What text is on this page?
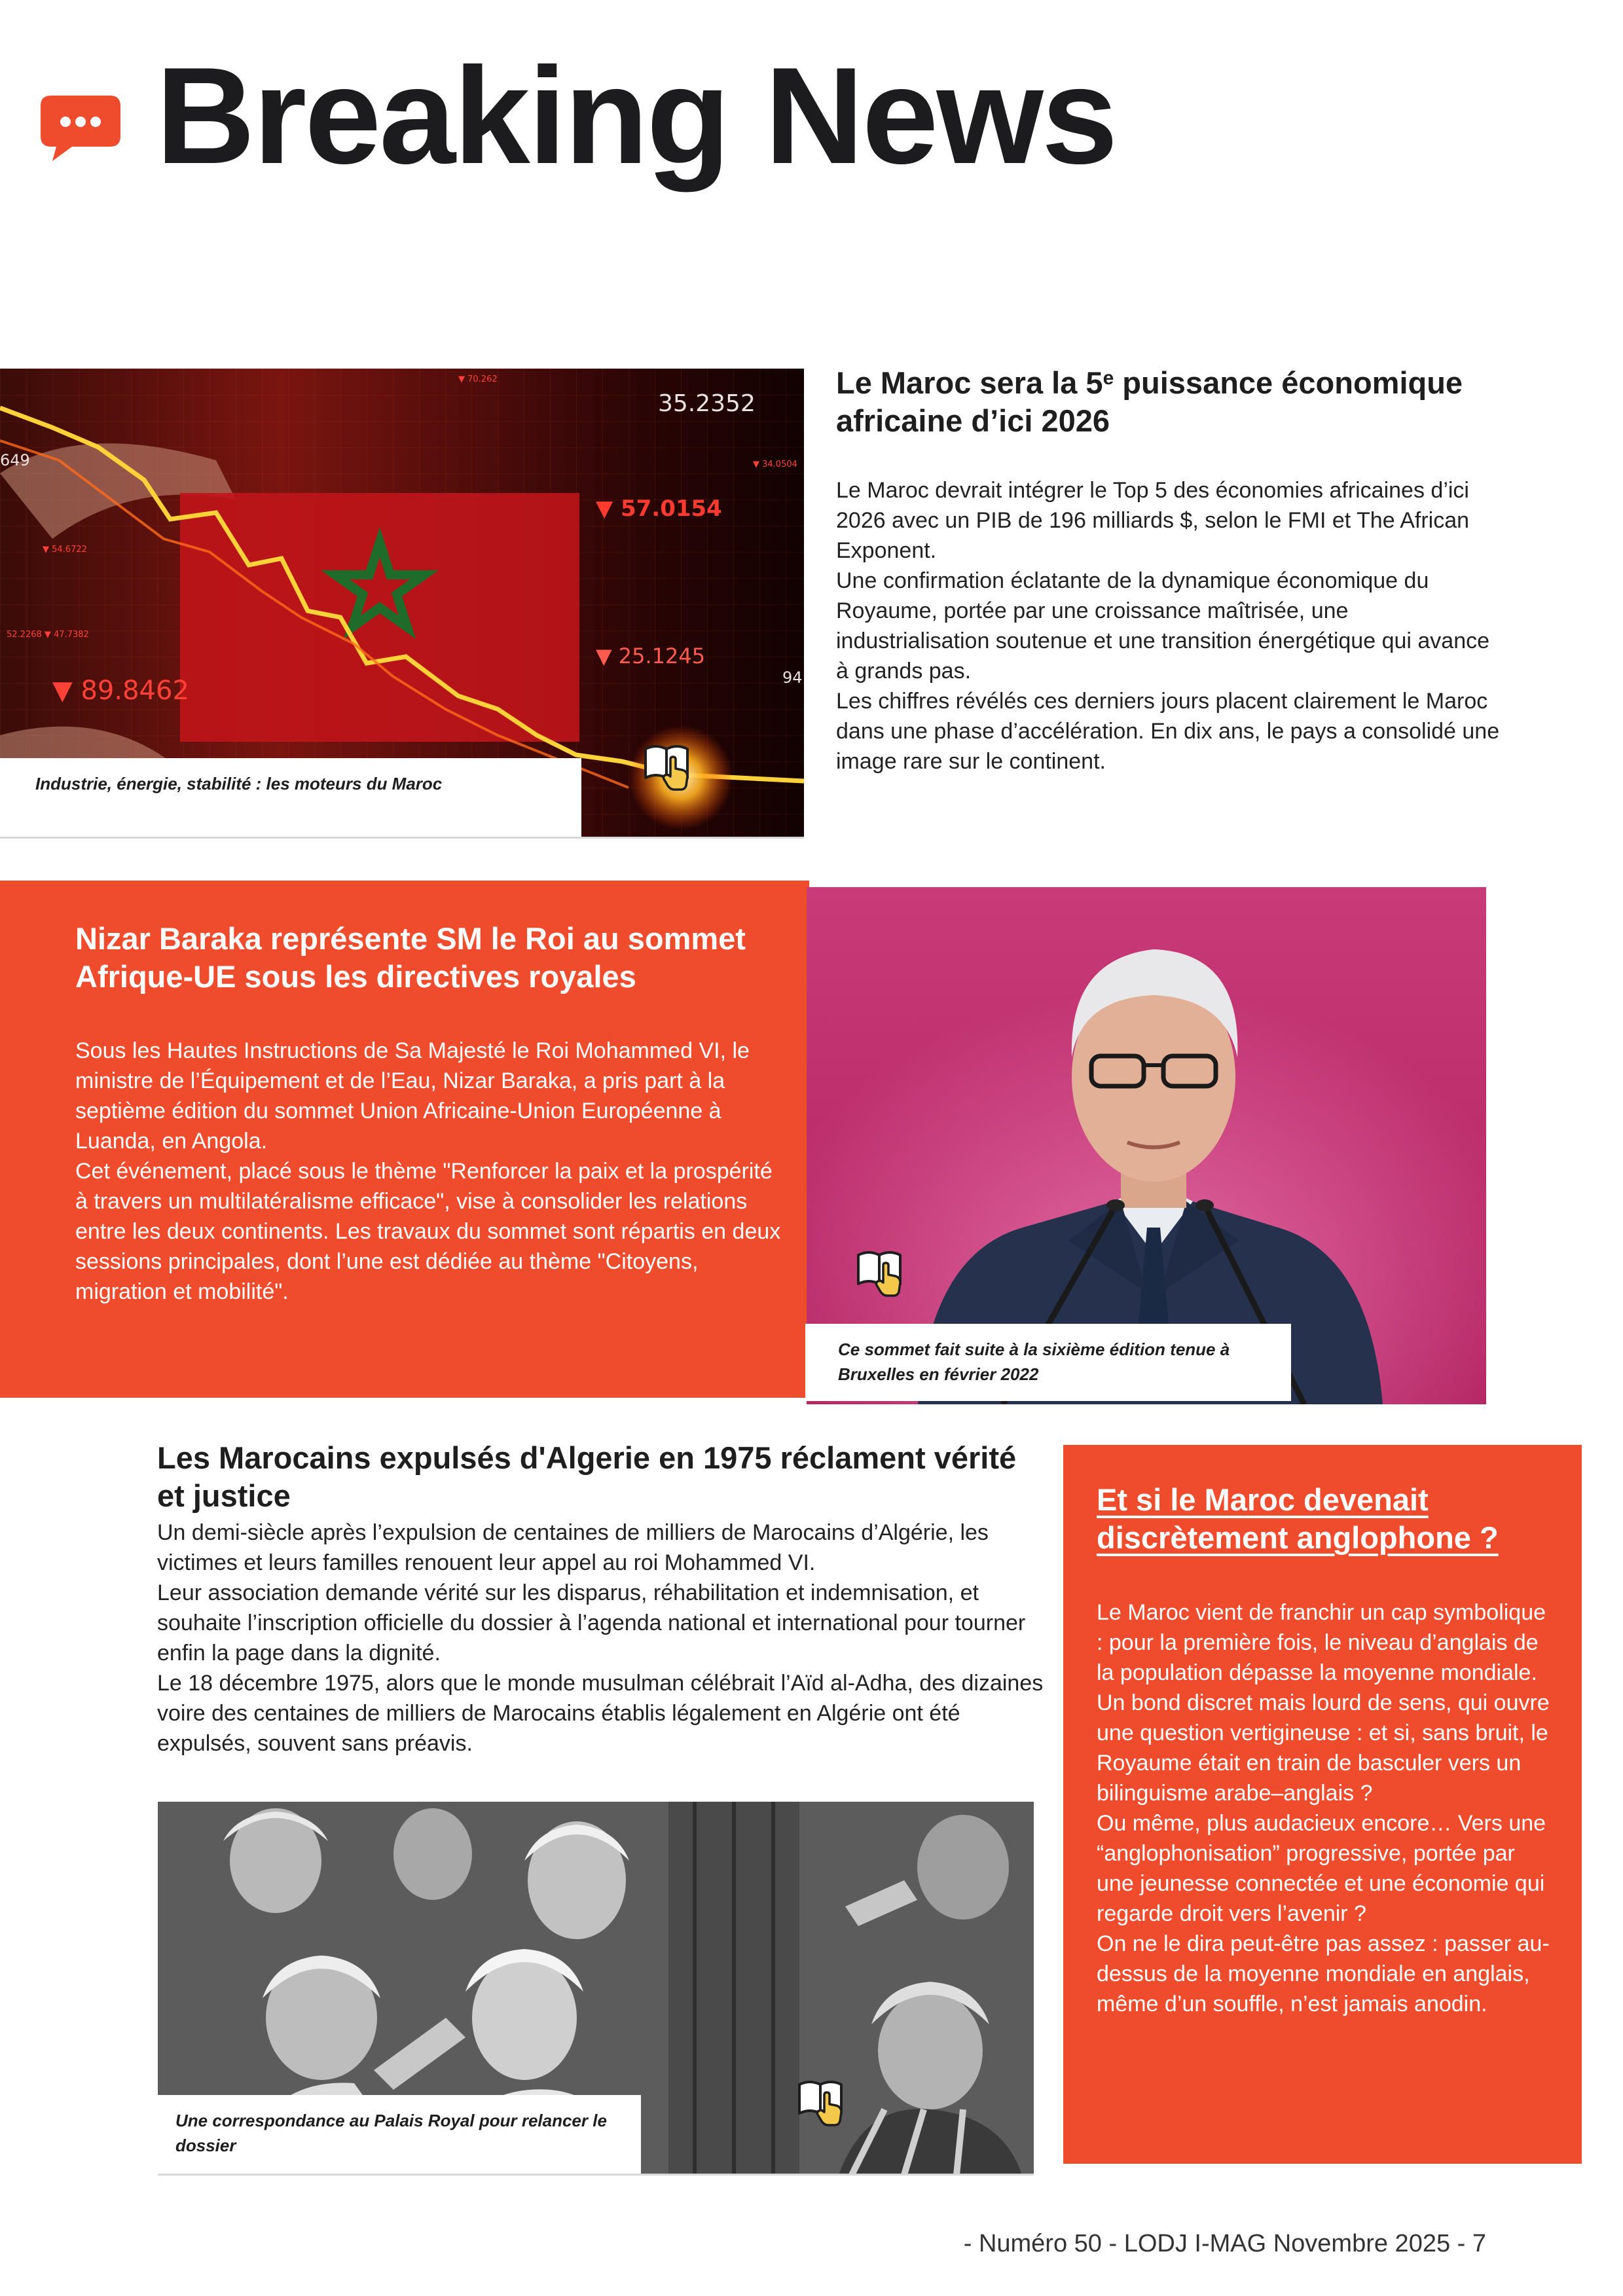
Breaking News
35.2352
▼ 57.0154
▼ 25.1245
▼ 89.8462
▼ 34.0504
▼ 54.6722
52.2268 ▼ 47.7382
649
94
▼ 70.262
Industrie, énergie, stabilité : les moteurs du Maroc
Le Maroc sera la 5e puissance économique africaine d’ici 2026

Le Maroc devrait intégrer le Top 5 des économies africaines d’ici 2026 avec un PIB de 196 milliards $, selon le FMI et The African Exponent.

Une confirmation éclatante de la dynamique économique du Royaume, portée par une croissance maîtrisée, une industrialisation soutenue et une transition énergétique qui avance à grands pas.

Les chiffres révélés ces derniers jours placent clairement le Maroc dans une phase d’accélération. En dix ans, le pays a consolidé une image rare sur le continent.

Nizar Baraka représente SM le Roi au sommet Afrique-UE sous les directives royales

Sous les Hautes Instructions de Sa Majesté le Roi Mohammed VI, le ministre de l’Équipement et de l’Eau, Nizar Baraka, a pris part à la septième édition du sommet Union Africaine-Union Européenne à Luanda, en Angola.

Cet événement, placé sous le thème "Renforcer la paix et la prospérité à travers un multilatéralisme efficace", vise à consolider les relations entre les deux continents. Les travaux du sommet sont répartis en deux sessions principales, dont l’une est dédiée au thème "Citoyens, migration et mobilité".

Ce sommet fait suite à la sixième édition tenue à Bruxelles en février 2022
Les Marocains expulsés d'Algerie en 1975 réclament vérité et justice

Un demi-siècle après l’expulsion de centaines de milliers de Marocains d’Algérie, les victimes et leurs familles renouent leur appel au roi Mohammed VI.

Leur association demande vérité sur les disparus, réhabilitation et indemnisation, et souhaite l’inscription officielle du dossier à l’agenda national et international pour tourner enfin la page dans la dignité.

Le 18 décembre 1975, alors que le monde musulman célébrait l’Aïd al-Adha, des dizaines voire des centaines de milliers de Marocains établis légalement en Algérie ont été expulsés, souvent sans préavis.

Une correspondance au Palais Royal pour relancer le dossier
Et si le Maroc devenait discrètement anglophone ?

Le Maroc vient de franchir un cap symbolique : pour la première fois, le niveau d’anglais de la population dépasse la moyenne mondiale. Un bond discret mais lourd de sens, qui ouvre une question vertigineuse : et si, sans bruit, le Royaume était en train de basculer vers un bilinguisme arabe–anglais ?

Ou même, plus audacieux encore… Vers une “anglophonisation” progressive, portée par une jeunesse connectée et une économie qui regarde droit vers l’avenir ?

On ne le dira peut-être pas assez : passer au-dessus de la moyenne mondiale en anglais, même d’un souffle, n’est jamais anodin.

- Numéro 50 - LODJ I-MAG Novembre 2025 - 7
